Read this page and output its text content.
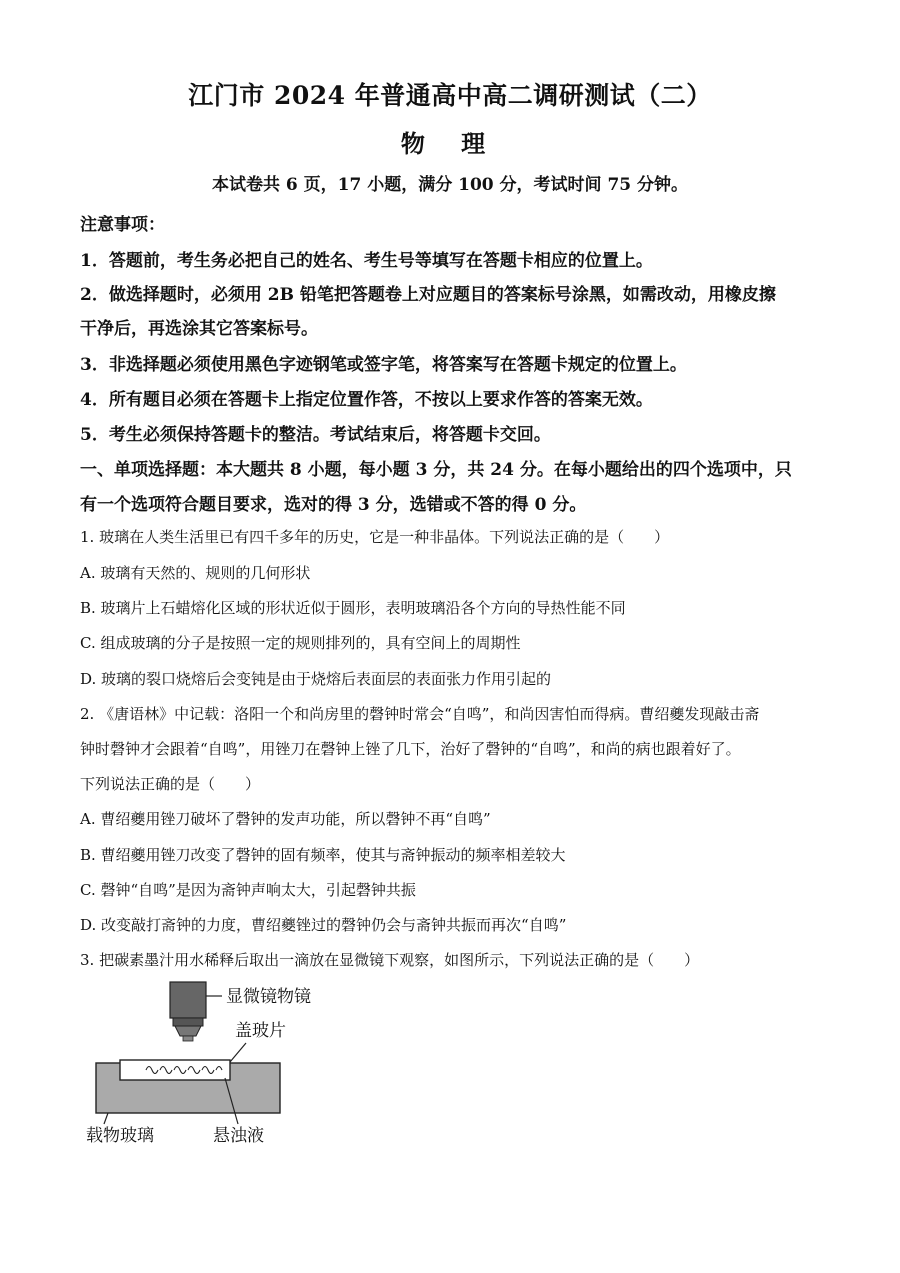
江门市 2024 年普通高中高二调研测试（二）
物 理
本试卷共 6 页，17 小题，满分 100 分，考试时间 75 分钟。
注意事项：
1．答题前，考生务必把自己的姓名、考生号等填写在答题卡相应的位置上。
2．做选择题时，必须用 2B 铅笔把答题卷上对应题目的答案标号涂黑，如需改动，用橡皮擦
干净后，再选涂其它答案标号。
3．非选择题必须使用黑色字迹钢笔或签字笔，将答案写在答题卡规定的位置上。
4．所有题目必须在答题卡上指定位置作答，不按以上要求作答的答案无效。
5．考生必须保持答题卡的整洁。考试结束后，将答题卡交回。
一、单项选择题：本大题共 8 小题，每小题 3 分，共 24 分。在每小题给出的四个选项中，只
有一个选项符合题目要求，选对的得 3 分，选错或不答的得 0 分。
1. 玻璃在人类生活里已有四千多年的历史，它是一种非晶体。下列说法正确的是（　　）
A. 玻璃有天然的、规则的几何形状
B. 玻璃片上石蜡熔化区域的形状近似于圆形，表明玻璃沿各个方向的导热性能不同
C. 组成玻璃的分子是按照一定的规则排列的，具有空间上的周期性
D. 玻璃的裂口烧熔后会变钝是由于烧熔后表面层的表面张力作用引起的
2. 《唐语林》中记载：洛阳一个和尚房里的磬钟时常会“自鸣”，和尚因害怕而得病。曹绍夔发现敲击斋
钟时磬钟才会跟着“自鸣”，用锉刀在磬钟上锉了几下，治好了磬钟的“自鸣”，和尚的病也跟着好了。
下列说法正确的是（　　）
A. 曹绍夔用锉刀破坏了磬钟的发声功能，所以磬钟不再“自鸣”
B. 曹绍夔用锉刀改变了磬钟的固有频率，使其与斋钟振动的频率相差较大
C. 磬钟“自鸣”是因为斋钟声响太大，引起磬钟共振
D. 改变敲打斋钟的力度，曹绍夔锉过的磬钟仍会与斋钟共振而再次“自鸣”
3. 把碳素墨汁用水稀释后取出一滴放在显微镜下观察，如图所示，下列说法正确的是（　　）
显微镜物镜
盖玻片
载物玻璃	悬浊液
